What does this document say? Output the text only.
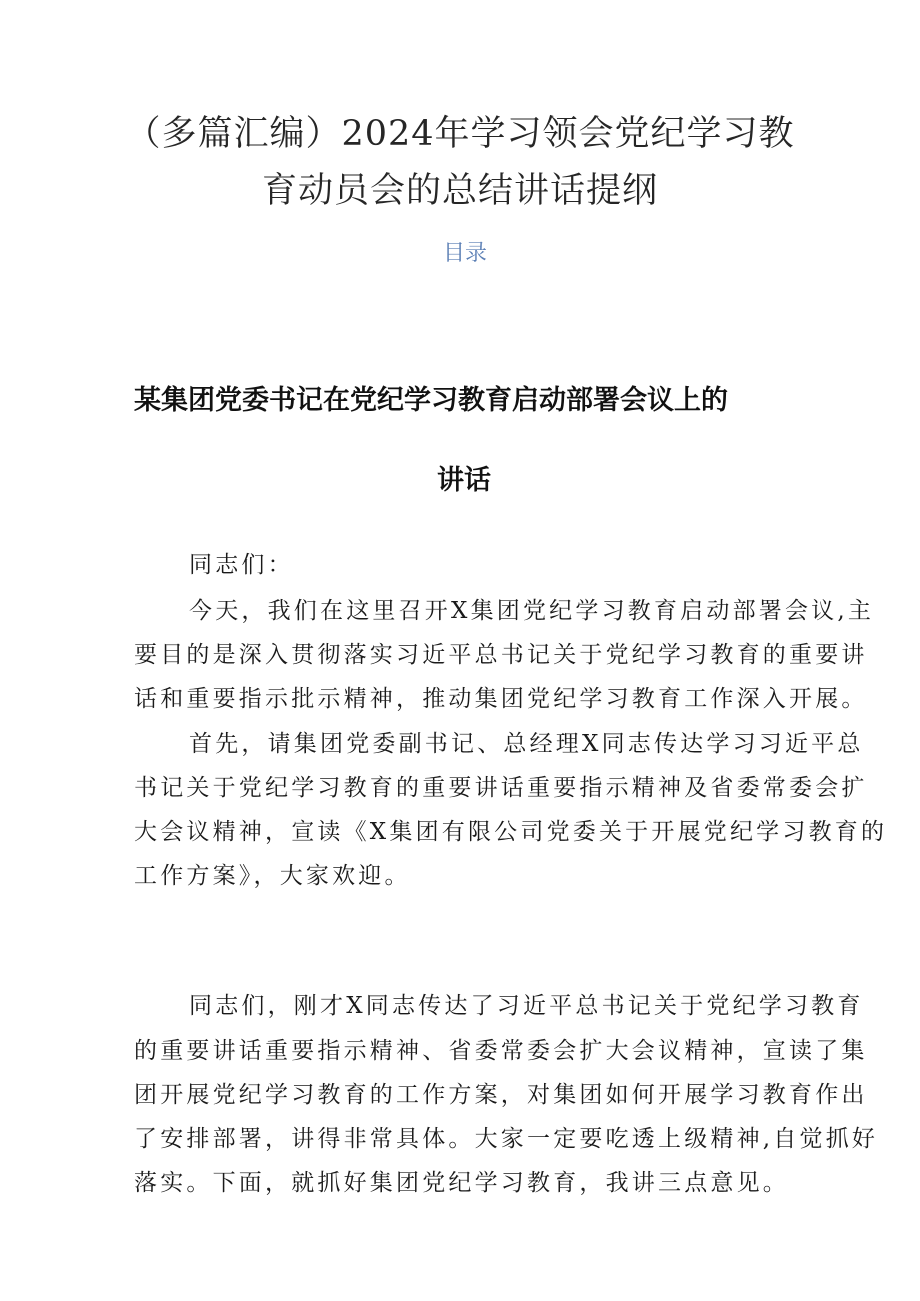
（多篇汇编）2024年学习领会党纪学习教
育动员会的总结讲话提纲
目录
某集团党委书记在党纪学习教育启动部署会议上的
讲话
同志们：
今天，我们在这里召开X集团党纪学习教育启动部署会议,主
要目的是深入贯彻落实习近平总书记关于党纪学习教育的重要讲
话和重要指示批示精神，推动集团党纪学习教育工作深入开展。
首先，请集团党委副书记、总经理X同志传达学习习近平总
书记关于党纪学习教育的重要讲话重要指示精神及省委常委会扩
大会议精神，宣读《X集团有限公司党委关于开展党纪学习教育的
工作方案》，大家欢迎。
同志们，刚才X同志传达了习近平总书记关于党纪学习教育
的重要讲话重要指示精神、省委常委会扩大会议精神，宣读了集
团开展党纪学习教育的工作方案，对集团如何开展学习教育作出
了安排部署，讲得非常具体。大家一定要吃透上级精神,自觉抓好
落实。下面，就抓好集团党纪学习教育，我讲三点意见。
